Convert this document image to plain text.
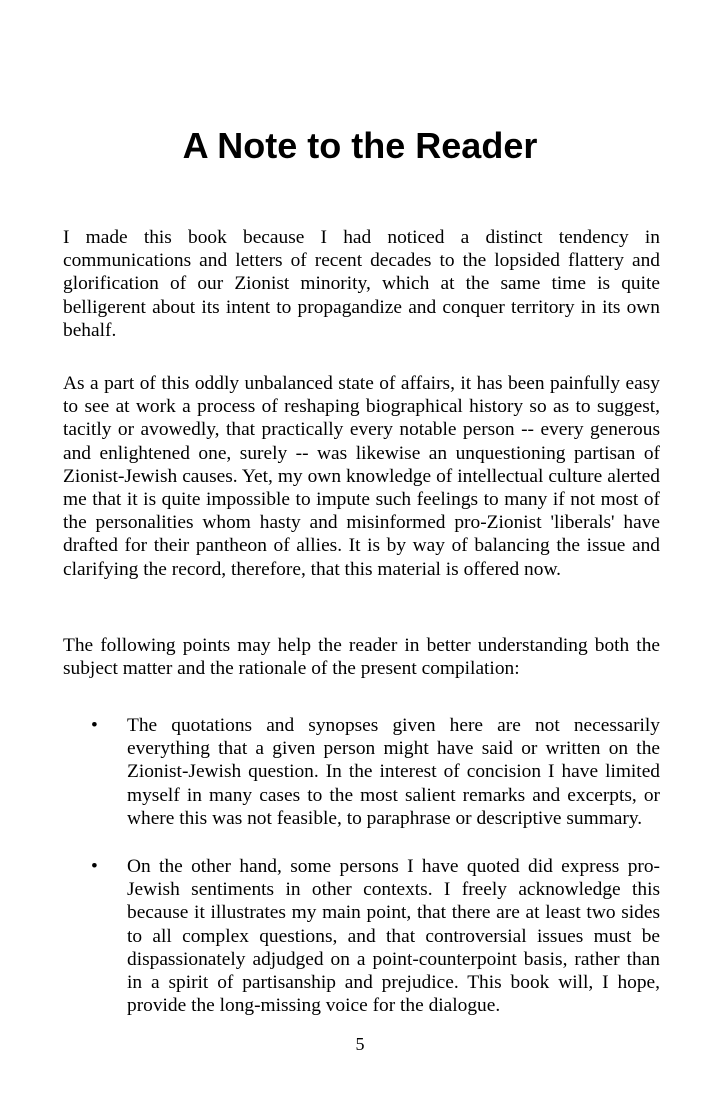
A Note to the Reader

I made this book because I had noticed a distinct tendency in communications and letters of recent decades to the lopsided flattery and glorification of our Zionist minority, which at the same time is quite belligerent about its intent to propagandize and conquer territory in its own behalf.

As a part of this oddly unbalanced state of affairs, it has been painfully easy to see at work a process of reshaping biographical history so as to suggest, tacitly or avowedly, that practically every notable person -- every generous and enlightened one, surely -- was likewise an unquestioning partisan of Zionist-Jewish causes. Yet, my own knowledge of intellectual culture alerted me that it is quite impossible to impute such feelings to many if not most of the personalities whom hasty and misinformed pro-Zionist 'liberals' have drafted for their pantheon of allies. It is by way of balancing the issue and clarifying the record, therefore, that this material is offered now.

The following points may help the reader in better understanding both the subject matter and the rationale of the present compilation:

• The quotations and synopses given here are not necessarily everything that a given person might have said or written on the Zionist-Jewish question. In the interest of concision I have limited myself in many cases to the most salient remarks and excerpts, or where this was not feasible, to paraphrase or descriptive summary.

• On the other hand, some persons I have quoted did express pro-Jewish sentiments in other contexts. I freely acknowledge this because it illustrates my main point, that there are at least two sides to all complex questions, and that controversial issues must be dispassionately adjudged on a point-counterpoint basis, rather than in a spirit of partisanship and prejudice. This book will, I hope, provide the long-missing voice for the dialogue.

5
